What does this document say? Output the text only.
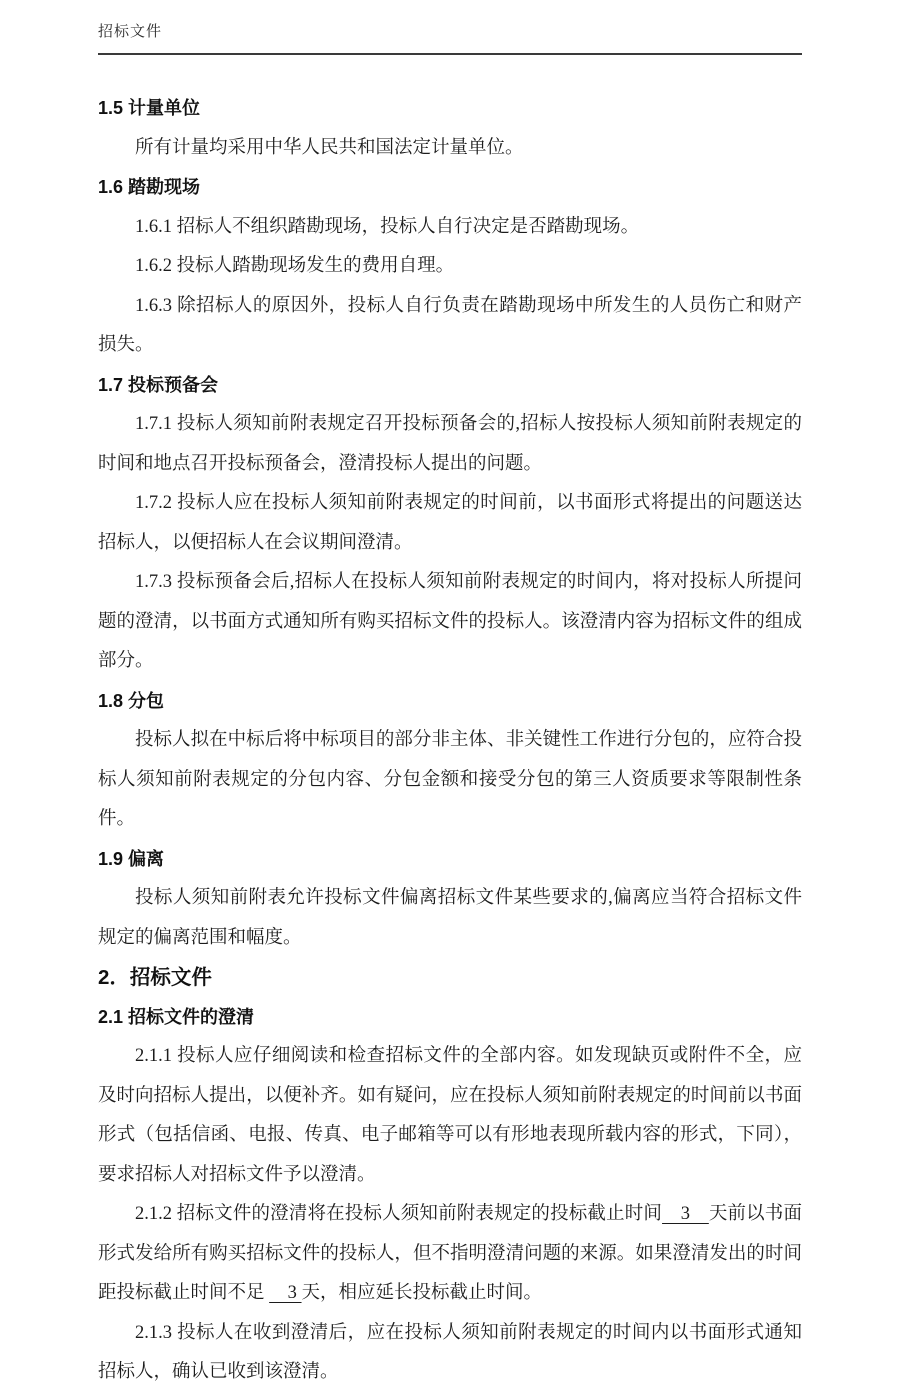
招标文件
1.5 计量单位

所有计量均采用中华人民共和国法定计量单位。

1.6 踏勘现场

1.6.1 招标人不组织踏勘现场，投标人自行决定是否踏勘现场。

1.6.2 投标人踏勘现场发生的费用自理。

1.6.3 除招标人的原因外，投标人自行负责在踏勘现场中所发生的人员伤亡和财产损失。

1.7 投标预备会

1.7.1 投标人须知前附表规定召开投标预备会的,招标人按投标人须知前附表规定的时间和地点召开投标预备会，澄清投标人提出的问题。

1.7.2 投标人应在投标人须知前附表规定的时间前，以书面形式将提出的问题送达招标人，以便招标人在会议期间澄清。

1.7.3 投标预备会后,招标人在投标人须知前附表规定的时间内，将对投标人所提问题的澄清，以书面方式通知所有购买招标文件的投标人。该澄清内容为招标文件的组成部分。

1.8 分包

投标人拟在中标后将中标项目的部分非主体、非关键性工作进行分包的，应符合投标人须知前附表规定的分包内容、分包金额和接受分包的第三人资质要求等限制性条件。

1.9 偏离

投标人须知前附表允许投标文件偏离招标文件某些要求的,偏离应当符合招标文件规定的偏离范围和幅度。

2．招标文件
2.1 招标文件的澄清

2.1.1 投标人应仔细阅读和检查招标文件的全部内容。如发现缺页或附件不全，应及时向招标人提出，以便补齐。如有疑问，应在投标人须知前附表规定的时间前以书面形式（包括信函、电报、传真、电子邮箱等可以有形地表现所载内容的形式，下同），要求招标人对招标文件予以澄清。

2.1.2 招标文件的澄清将在投标人须知前附表规定的投标截止时间　3　天前以书面形式发给所有购买招标文件的投标人，但不指明澄清问题的来源。如果澄清发出的时间距投标截止时间不足 　3 天，相应延长投标截止时间。

2.1.3 投标人在收到澄清后，应在投标人须知前附表规定的时间内以书面形式通知招标人，确认已收到该澄清。
